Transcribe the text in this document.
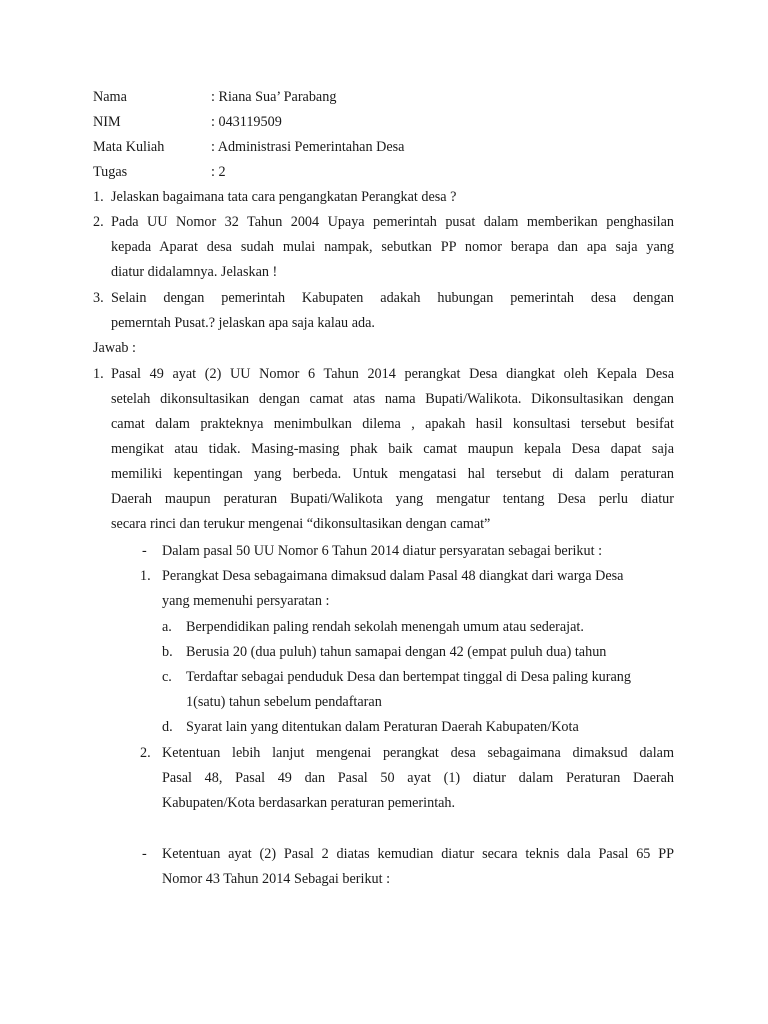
Nama	: Riana Sua’ Parabang
NIM	: 043119509
Mata Kuliah	: Administrasi Pemerintahan Desa
Tugas	: 2
1. Jelaskan bagaimana tata cara pengangkatan Perangkat desa ?
2. Pada UU Nomor 32 Tahun 2004 Upaya pemerintah pusat dalam memberikan penghasilan
kepada Aparat desa sudah mulai nampak, sebutkan PP nomor berapa dan apa saja yang
diatur didalamnya. Jelaskan !
3. Selain dengan pemerintah Kabupaten adakah hubungan pemerintah desa dengan
pemerntah Pusat.? jelaskan apa saja kalau ada.
Jawab :
1. Pasal 49 ayat (2) UU Nomor 6 Tahun 2014 perangkat Desa diangkat oleh Kepala Desa
setelah dikonsultasikan dengan camat atas nama Bupati/Walikota. Dikonsultasikan dengan
camat dalam prakteknya menimbulkan dilema , apakah hasil konsultasi tersebut besifat
mengikat atau tidak. Masing-masing phak baik camat maupun kepala Desa dapat saja
memiliki kepentingan yang berbeda. Untuk mengatasi hal tersebut di dalam peraturan
Daerah maupun peraturan Bupati/Walikota yang mengatur tentang Desa perlu diatur
secara rinci dan terukur mengenai “dikonsultasikan dengan camat”
- Dalam pasal 50 UU Nomor 6 Tahun 2014 diatur persyaratan sebagai berikut :
1. Perangkat Desa sebagaimana dimaksud dalam Pasal 48 diangkat dari warga Desa
yang memenuhi persyaratan :
a. Berpendidikan paling rendah sekolah menengah umum atau sederajat.
b. Berusia 20 (dua puluh) tahun samapai dengan 42 (empat puluh dua) tahun
c. Terdaftar sebagai penduduk Desa dan bertempat tinggal di Desa paling kurang
1(satu) tahun sebelum pendaftaran
d. Syarat lain yang ditentukan dalam Peraturan Daerah Kabupaten/Kota
2. Ketentuan lebih lanjut mengenai perangkat desa sebagaimana dimaksud dalam
Pasal 48, Pasal 49 dan Pasal 50 ayat (1) diatur dalam Peraturan Daerah
Kabupaten/Kota berdasarkan peraturan pemerintah.
- Ketentuan ayat (2) Pasal 2 diatas kemudian diatur secara teknis dala Pasal 65 PP
Nomor 43 Tahun 2014 Sebagai berikut :
